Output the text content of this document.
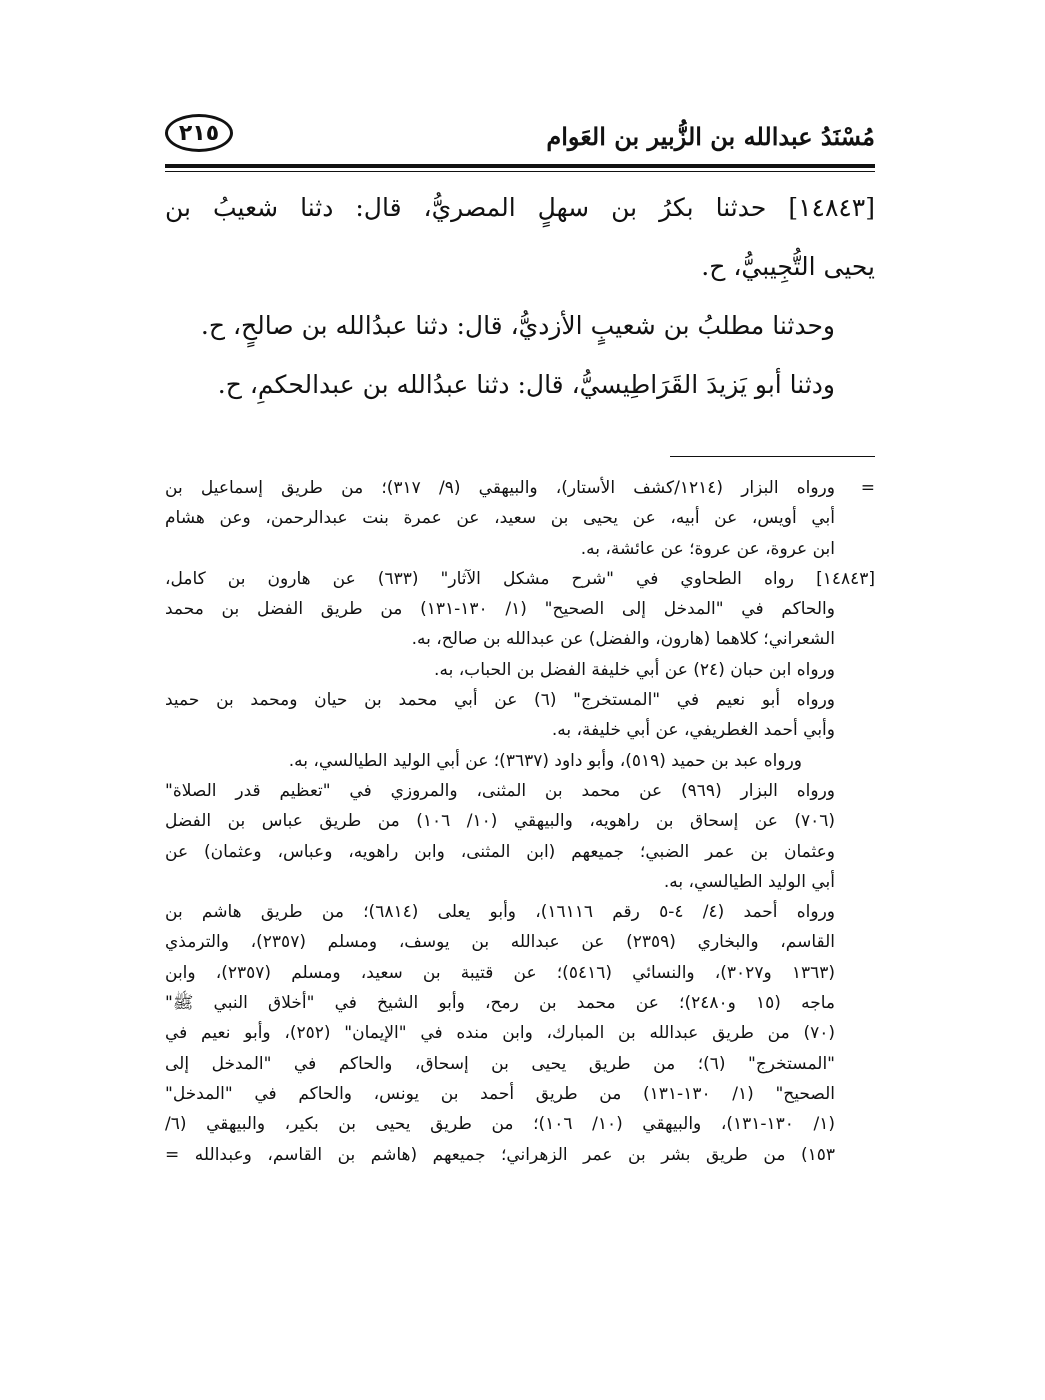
مُسْنَدُ عبدالله بن الزُّبير بن العَوام
٢١٥
[١٤٨٤٣] حدثنا بكرُ بن سهلٍ المصريُّ، قال: دثنا شعيبُ بن
يحيى التُّجِيبيُّ، ح.
وحدثنا مطلبُ بن شعيبٍ الأزديُّ، قال: دثنا عبدُالله بن صالحٍ، ح.
ودثنا أبو يَزيدَ القَرَاطِيسيُّ، قال: دثنا عبدُالله بن عبدالحكمِ، ح.
=ورواه البزار (١٢١٤/كشف الأستار)، والبيهقي (٩/ ٣١٧)؛ من طريق إسماعيل بن
أبي أويس، عن أبيه، عن يحيى بن سعيد، عن عمرة بنت عبدالرحمن، وعن هشام
ابن عروة، عن عروة؛ عن عائشة، به.
[١٤٨٤٣] رواه الطحاوي في "شرح مشكل الآثار" (٦٣٣) عن هارون بن كامل،
والحاكم في "المدخل إلى الصحيح" (١/ ١٣٠-١٣١) من طريق الفضل بن محمد
الشعراني؛ كلاهما (هارون، والفضل) عن عبدالله بن صالح، به.
ورواه ابن حبان (٢٤) عن أبي خليفة الفضل بن الحباب، به.
ورواه أبو نعيم في "المستخرج" (٦) عن أبي محمد بن حيان ومحمد بن حميد
وأبي أحمد الغطريفي، عن أبي خليفة، به.
ورواه عبد بن حميد (٥١٩)، وأبو داود (٣٦٣٧)؛ عن أبي الوليد الطيالسي، به.
ورواه البزار (٩٦٩) عن محمد بن المثنى، والمروزي في "تعظيم قدر الصلاة"
(٧٠٦) عن إسحاق بن راهويه، والبيهقي (١٠/ ١٠٦) من طريق عباس بن الفضل
وعثمان بن عمر الضبي؛ جميعهم (ابن المثنى، وابن راهويه، وعباس، وعثمان) عن
أبي الوليد الطيالسي، به.
ورواه أحمد (٤/ ٤-٥ رقم ١٦١١٦)، وأبو يعلى (٦٨١٤)؛ من طريق هاشم بن
القاسم، والبخاري (٢٣٥٩) عن عبدالله بن يوسف، ومسلم (٢٣٥٧)، والترمذي
(١٣٦٣ و٣٠٢٧)، والنسائي (٥٤١٦)؛ عن قتيبة بن سعيد، ومسلم (٢٣٥٧)، وابن
ماجه (١٥ و٢٤٨٠)؛ عن محمد بن رمح، وأبو الشيخ في "أخلاق النبي ﷺ"
(٧٠) من طريق عبدالله بن المبارك، وابن منده في "الإيمان" (٢٥٢)، وأبو نعيم في
"المستخرج" (٦)؛ من طريق يحيى بن إسحاق، والحاكم في "المدخل إلى
الصحيح" (١/ ١٣٠-١٣١) من طريق أحمد بن يونس، والحاكم في "المدخل"
(١/ ١٣٠-١٣١)، والبيهقي (١٠/ ١٠٦)؛ من طريق يحيى بن بكير، والبيهقي (٦/
١٥٣) من طريق بشر بن عمر الزهراني؛ جميعهم (هاشم بن القاسم، وعبدالله =
